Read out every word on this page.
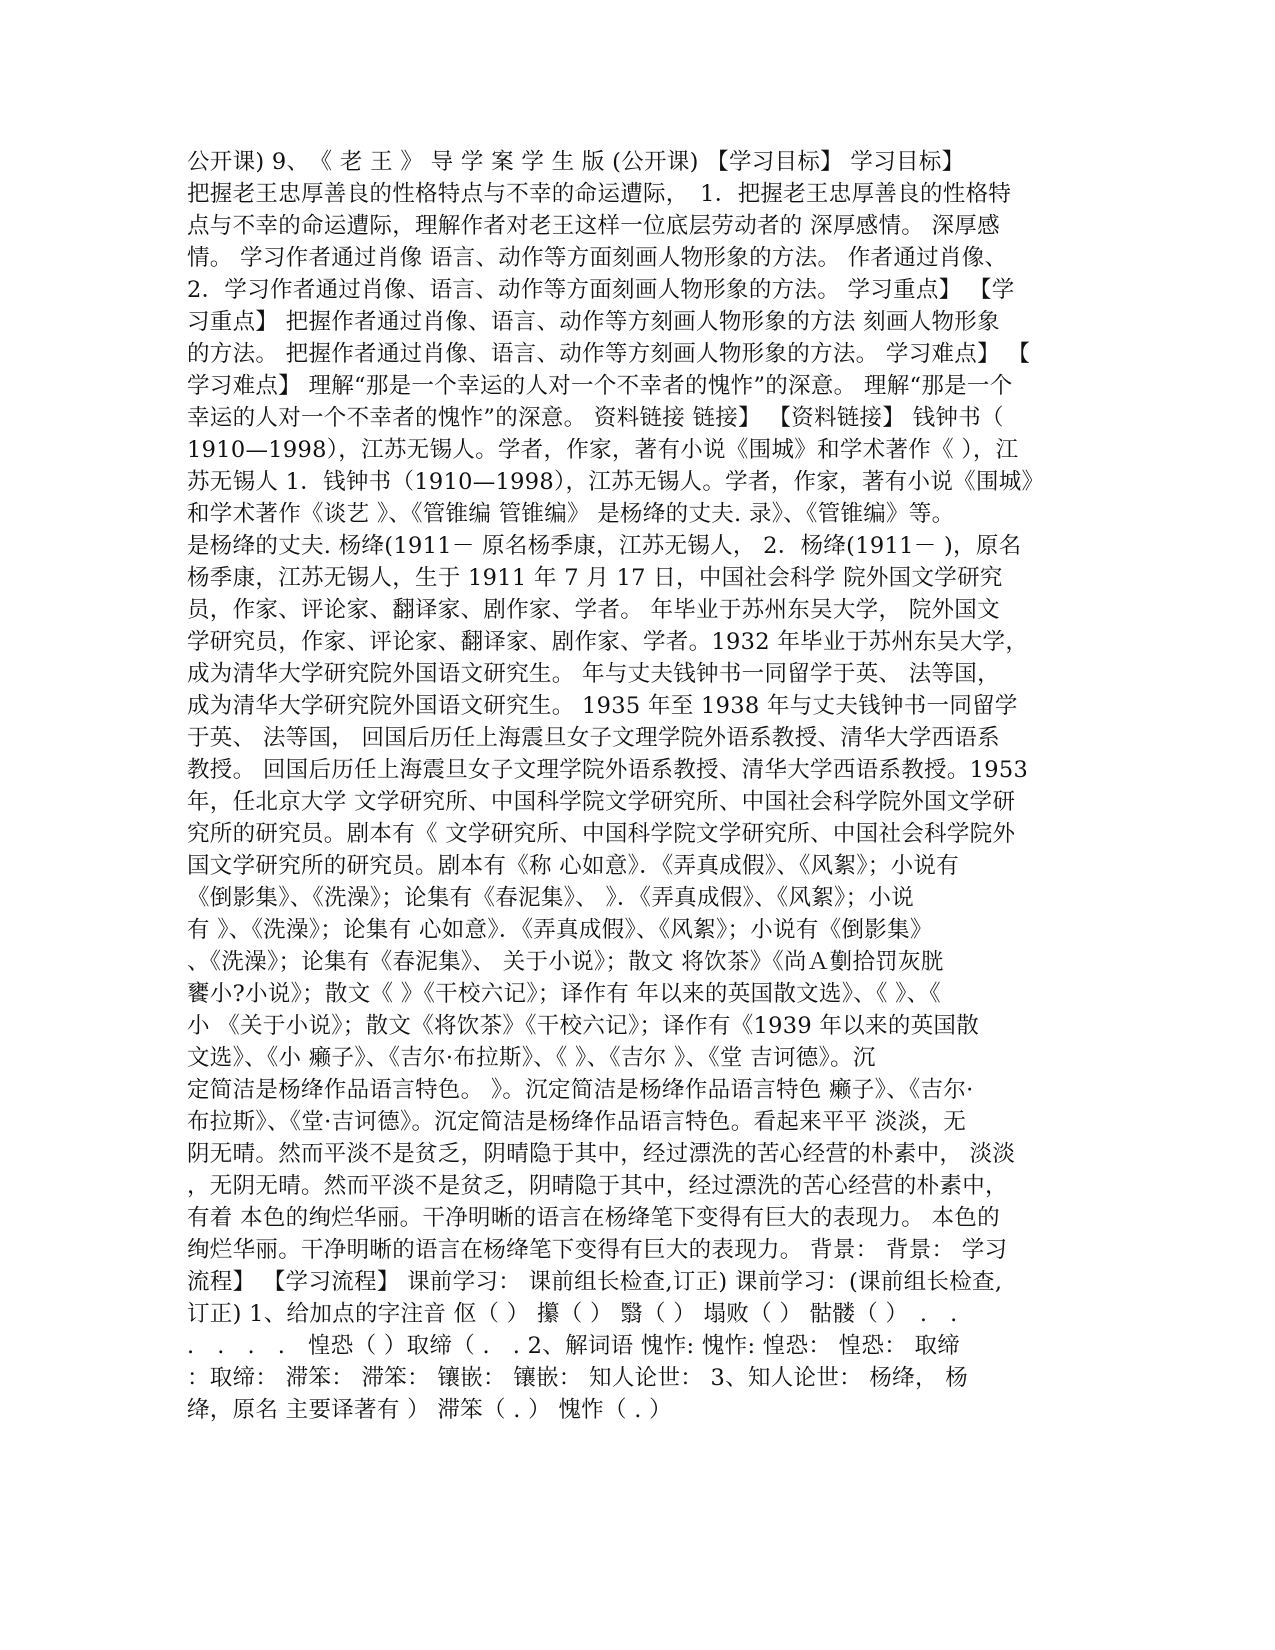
公开课) 9、　《 老 王 》 导 学 案 学 生 版 (公开课) 【学习目标】 学习目标】
把握老王忠厚善良的性格特点与不幸的命运遭际，　1．把握老王忠厚善良的性格特
点与不幸的命运遭际，理解作者对老王这样一位底层劳动者的 深厚感情。 深厚感
情。 学习作者通过肖像 语言、动作等方面刻画人物形象的方法。 作者通过肖像、
2．学习作者通过肖像、语言、动作等方面刻画人物形象的方法。 学习重点】 【学
习重点】 把握作者通过肖像、语言、动作等方刻画人物形象的方法 刻画人物形象
的方法。 把握作者通过肖像、语言、动作等方刻画人物形象的方法。 学习难点】 【
学习难点】 理解“那是一个幸运的人对一个不幸者的愧怍”的深意。 理解“那是一个
幸运的人对一个不幸者的愧怍”的深意。 资料链接 链接】 【资料链接】 钱钟书（
1910—1998），江苏无锡人。学者，作家，著有小说《围城》和学术著作《 ），江
苏无锡人 1．钱钟书（1910—1998），江苏无锡人。学者，作家，著有小说《围城》
和学术著作《谈艺 》、《管锥编 管锥编》 是杨绛的丈夫. 录》、《管锥编》等。
是杨绛的丈夫. 杨绛(1911－ 原名杨季康，江苏无锡人， 2．杨绛(1911－ )，原名
杨季康，江苏无锡人，生于 1911 年 7 月 17 日，中国社会科学 院外国文学研究
员，作家、评论家、翻译家、剧作家、学者。 年毕业于苏州东吴大学， 院外国文
学研究员，作家、评论家、翻译家、剧作家、学者。1932 年毕业于苏州东吴大学，
成为清华大学研究院外国语文研究生。 年与丈夫钱钟书一同留学于英、 法等国，
成为清华大学研究院外国语文研究生。 1935 年至 1938 年与丈夫钱钟书一同留学
于英、 法等国， 回国后历任上海震旦女子文理学院外语系教授、清华大学西语系
教授。 回国后历任上海震旦女子文理学院外语系教授、清华大学西语系教授。1953
年，任北京大学 文学研究所、中国科学院文学研究所、中国社会科学院外国文学研
究所的研究员。剧本有《 文学研究所、中国科学院文学研究所、中国社会科学院外
国文学研究所的研究员。剧本有《称 心如意》．《弄真成假》、《风絮》；小说有
《倒影集》、《洗澡》；论集有《春泥集》、 》．《弄真成假》、《风絮》；小说
有 》、《洗澡》；论集有 心如意》．《弄真成假》、《风絮》；小说有《倒影集》
、《洗澡》；论集有《春泥集》、 关于小说》；散文 将饮茶》《尚Ａ劐拾罚灰胱
饔小?小说》；散文《 》《干校六记》；译作有 年以来的英国散文选》、《 》、《
小 《关于小说》；散文《将饮茶》《干校六记》；译作有《1939 年以来的英国散
文选》、《小 癞子》、《吉尔·布拉斯》、《 》、《吉尔 》、《堂 吉诃德》。沉
定简洁是杨绛作品语言特色。 》。沉定简洁是杨绛作品语言特色 癞子》、《吉尔·
布拉斯》、《堂·吉诃德》。沉定简洁是杨绛作品语言特色。看起来平平 淡淡，无
阴无晴。然而平淡不是贫乏，阴晴隐于其中，经过漂洗的苦心经营的朴素中， 淡淡
，无阴无晴。然而平淡不是贫乏，阴晴隐于其中，经过漂洗的苦心经营的朴素中，
有着 本色的绚烂华丽。干净明晰的语言在杨绛笔下变得有巨大的表现力。 本色的
绚烂华丽。干净明晰的语言在杨绛笔下变得有巨大的表现力。 背景： 背景： 学习
流程】 【学习流程】 课前学习： 课前组长检查,订正) 课前学习：(课前组长检查,
订正) 1、给加点的字注音 伛（ ） 攥（ ） 翳（ ） 塌败（ ） 骷髅（ ）　.　.
.　.　.　.　惶恐（ ）取缔（ .　. 2、解词语 愧怍: 愧怍: 惶恐： 惶恐： 取缔
：取缔： 滞笨： 滞笨： 镶嵌： 镶嵌： 知人论世： 3、知人论世： 杨绛， 杨
绛，原名 主要译著有 ） 滞笨（ . ） 愧怍（ . ）
